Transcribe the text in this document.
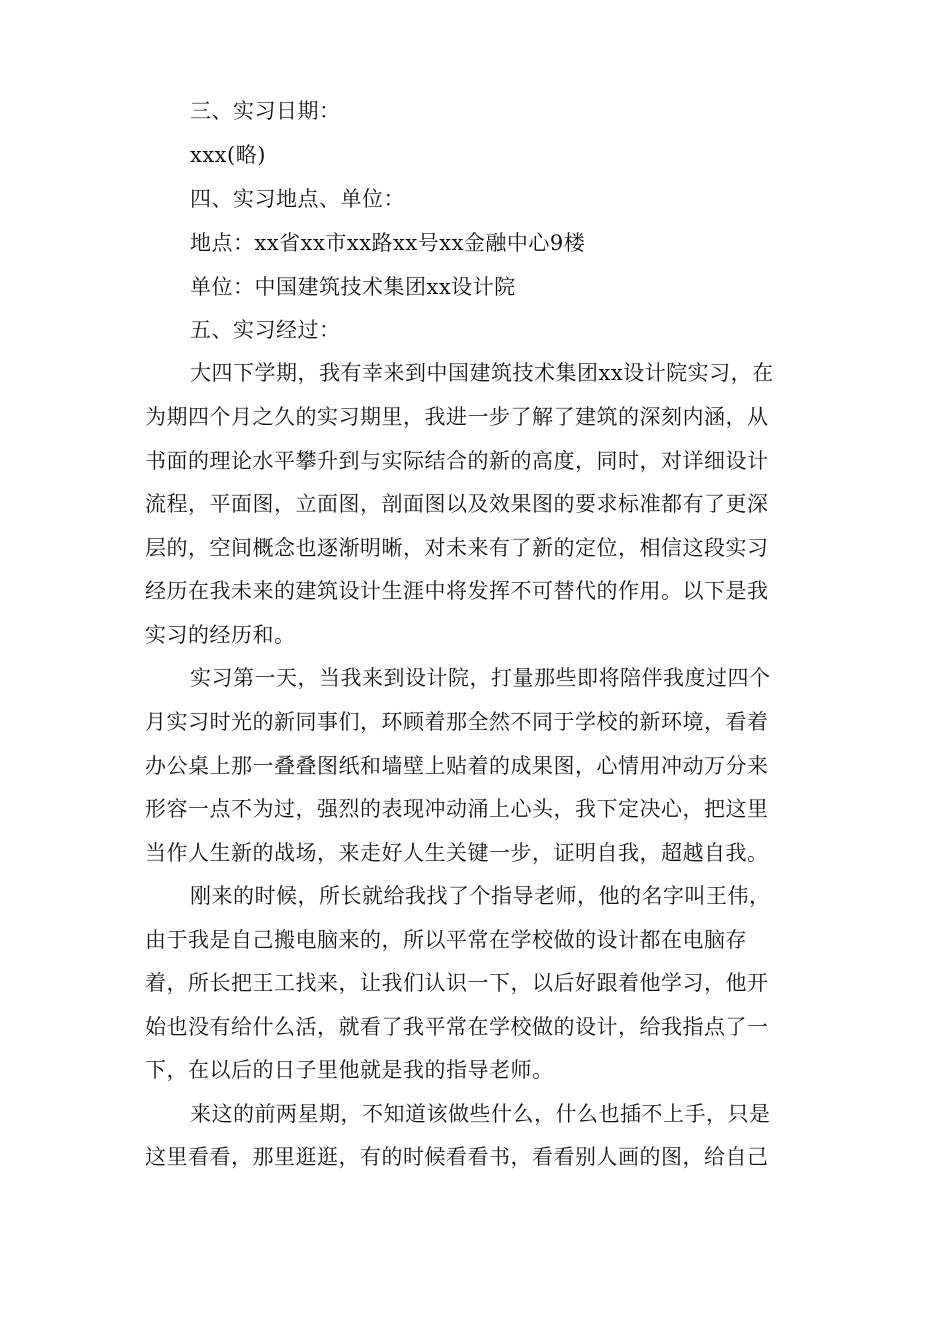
三、实习日期：
xxx(略)
四、实习地点、单位：
地点：xx省xx市xx路xx号xx金融中心9楼
单位：中国建筑技术集团xx设计院
五、实习经过：
大四下学期，我有幸来到中国建筑技术集团xx设计院实习，在
为期四个月之久的实习期里，我进一步了解了建筑的深刻内涵，从
书面的理论水平攀升到与实际结合的新的高度，同时，对详细设计
流程，平面图，立面图，剖面图以及效果图的要求标准都有了更深
层的，空间概念也逐渐明晰，对未来有了新的定位，相信这段实习
经历在我未来的建筑设计生涯中将发挥不可替代的作用。以下是我
实习的经历和。
实习第一天，当我来到设计院，打量那些即将陪伴我度过四个
月实习时光的新同事们，环顾着那全然不同于学校的新环境，看着
办公桌上那一叠叠图纸和墙壁上贴着的成果图，心情用冲动万分来
形容一点不为过，强烈的表现冲动涌上心头，我下定决心，把这里
当作人生新的战场，来走好人生关键一步，证明自我，超越自我。
刚来的时候，所长就给我找了个指导老师，他的名字叫王伟，
由于我是自己搬电脑来的，所以平常在学校做的设计都在电脑存
着，所长把王工找来，让我们认识一下，以后好跟着他学习，他开
始也没有给什么活，就看了我平常在学校做的设计，给我指点了一
下，在以后的日子里他就是我的指导老师。
来这的前两星期，不知道该做些什么，什么也插不上手，只是
这里看看，那里逛逛，有的时候看看书，看看别人画的图，给自己
